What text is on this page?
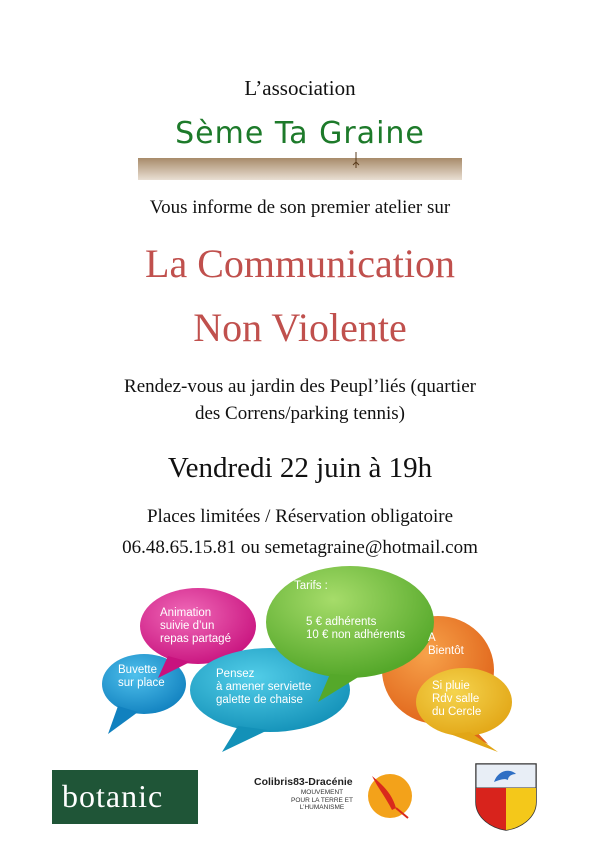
L’association
Sème Ta Graine
Vous informe de son premier atelier sur
La Communication
Non Violente
Rendez-vous au jardin des Peupl’liés (quartier
des Correns/parking tennis)
Vendredi 22 juin à 19h
Places limitées / Réservation obligatoire
06.48.65.15.81 ou semetagraine@hotmail.com
Animation
suivie d’un
repas partagé
Buvette
sur place
Pensez
à amener serviette
galette de chaise
Tarifs :
5 € adhérents
10 € non adhérents A
Bientôt
Si pluie
Rdv salle
du Cercle
botanic	Colibris83-Dracénie
MOUVEMENT
POUR LA TERRE ET
L’HUMANISME
